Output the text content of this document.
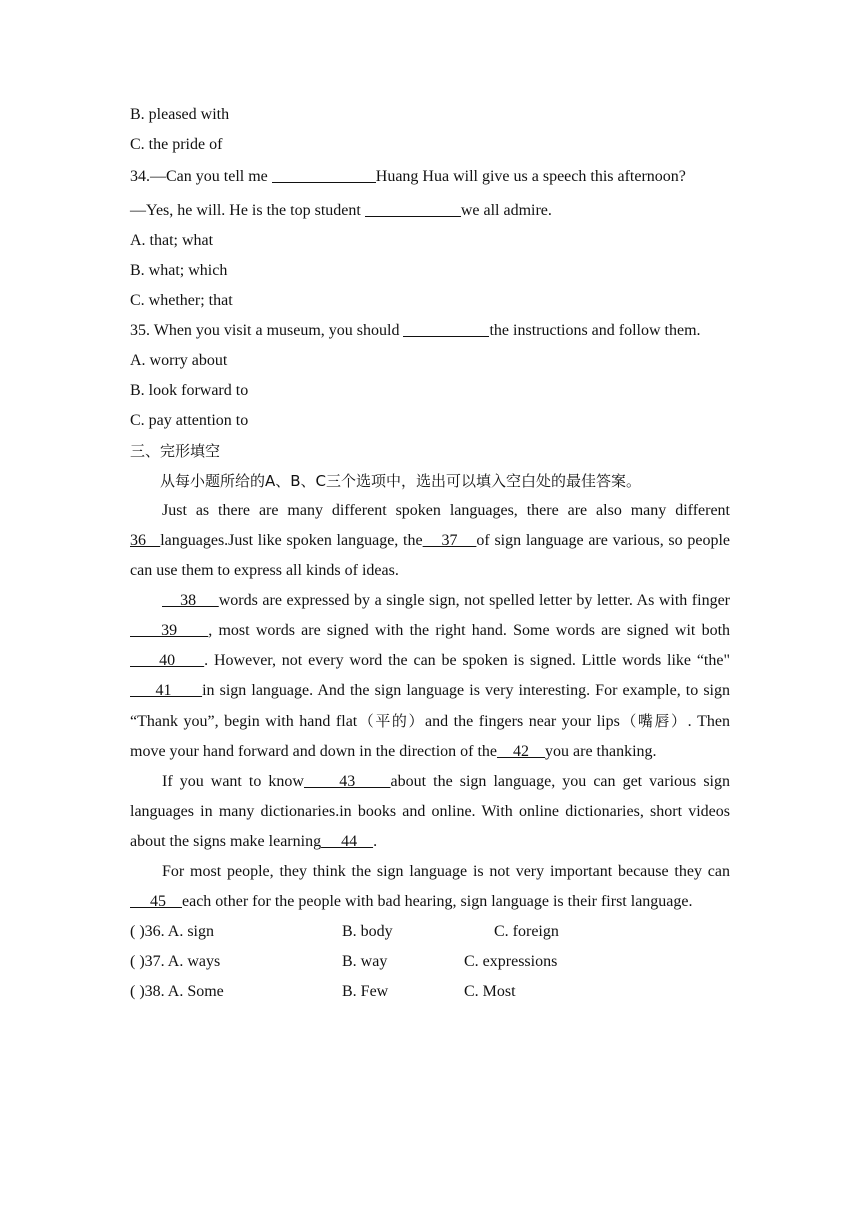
B. pleased with
C. the pride of
34.—Can you tell me	Huang Hua will give us a speech this afternoon?
—Yes, he will. He is the top student	we all admire.
A. that; what
B. what; which
C. whether; that
35. When you visit a museum, you should	the instructions and follow them.
A. worry about
B. look forward to
C. pay attention to
三、完形填空
从每小题所给的A、B、C三个选项中，选出可以填入空白处的最佳答案。
Just as there are many different spoken languages, there are also many different 36   languages.Just like spoken language, the    37    of sign language are various, so people can use them to express all kinds of ideas.
38     words are expressed by a single sign, not spelled letter by letter. As with finger     39     , most words are signed with the right hand. Some words are signed wit both     40     . However, not every word the can be spoken is signed. Little words like “the"     41      in sign language. And the sign language is very interesting. For example, to sign “Thank you”, begin with hand flat（平的）and the fingers near your lips（嘴唇）. Then move your hand forward and down in the direction of the    42    you are thanking.
If you want to know     43     about the sign language, you can get various sign languages in many dictionaries.in books and online. With online dictionaries, short videos about the signs make learning     44    .
For most people, they think the sign language is not very important because they can      45    each other for the people with bad hearing, sign language is their first language.
( )36. A. sign	B. body	C. foreign
( )37. A. ways	B. way	C. expressions
( )38. A. Some	B. Few	C. Most
